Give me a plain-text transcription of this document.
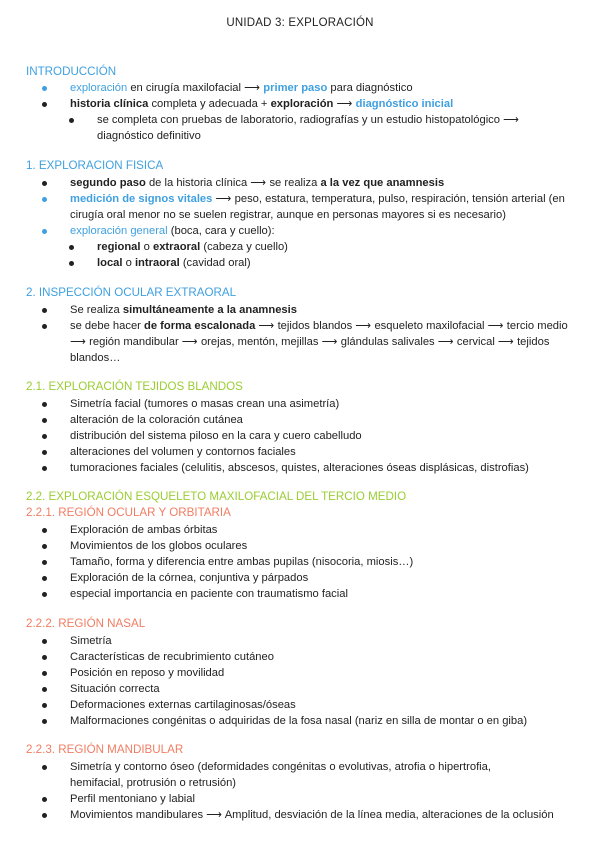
UNIDAD 3: EXPLORACIÓN
INTRODUCCIÓN
exploración en cirugía maxilofacial ⟶ primer paso para diagnóstico
historia clínica completa y adecuada + exploración ⟶ diagnóstico inicial
se completa con pruebas de laboratorio, radiografías y un estudio histopatológico ⟶
diagnóstico definitivo
1. EXPLORACION FISICA
segundo paso de la historia clínica ⟶ se realiza a la vez que anamnesis
medición de signos vitales ⟶ peso, estatura, temperatura, pulso, respiración, tensión arterial (en
cirugía oral menor no se suelen registrar, aunque en personas mayores si es necesario)
exploración general (boca, cara y cuello):
regional o extraoral (cabeza y cuello)
local o intraoral (cavidad oral)
2. INSPECCIÓN OCULAR EXTRAORAL
Se realiza simultáneamente a la anamnesis
se debe hacer de forma escalonada ⟶ tejidos blandos ⟶ esqueleto maxilofacial ⟶ tercio medio
⟶ región mandibular ⟶ orejas, mentón, mejillas ⟶ glándulas salivales ⟶ cervical ⟶ tejidos
blandos…
2.1. EXPLORACIÓN TEJIDOS BLANDOS
Simetría facial (tumores o masas crean una asimetría)
alteración de la coloración cutánea
distribución del sistema piloso en la cara y cuero cabelludo
alteraciones del volumen y contornos faciales
tumoraciones faciales (celulitis, abscesos, quistes, alteraciones óseas displásicas, distrofias)
2.2. EXPLORACIÓN ESQUELETO MAXILOFACIAL DEL TERCIO MEDIO
2.2.1. REGIÓN OCULAR Y ORBITARIA
Exploración de ambas órbitas
Movimientos de los globos oculares
Tamaño, forma y diferencia entre ambas pupilas (nisocoria, miosis…)
Exploración de la córnea, conjuntiva y párpados
especial importancia en paciente con traumatismo facial
2.2.2. REGIÓN NASAL
Simetría
Características de recubrimiento cutáneo
Posición en reposo y movilidad
Situación correcta
Deformaciones externas cartilaginosas/óseas
Malformaciones congénitas o adquiridas de la fosa nasal (nariz en silla de montar o en giba)
2.2.3. REGIÓN MANDIBULAR
Simetría y contorno óseo (deformidades congénitas o evolutivas, atrofia o hipertrofia,
hemifacial, protrusión o retrusión)
Perfil mentoniano y labial
Movimientos mandibulares ⟶ Amplitud, desviación de la línea media, alteraciones de la oclusión
